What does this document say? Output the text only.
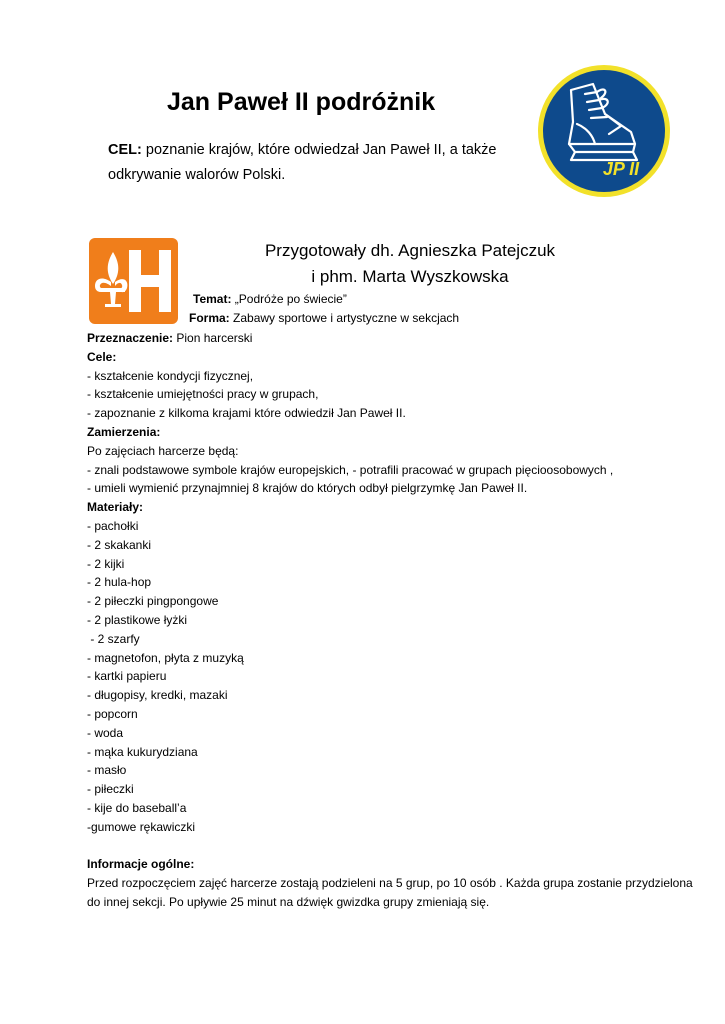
Jan Paweł II podróżnik
CEL: poznanie krajów, które odwiedzał Jan Paweł II, a także odkrywanie walorów Polski.	JP II
Przygotowały dh. Agnieszka Patejczuk
i phm. Marta Wyszkowska
Temat: „Podróże po świecie”
Forma: Zabawy sportowe i artystyczne w sekcjach
Przeznaczenie: Pion harcerski
Cele:
- kształcenie kondycji fizycznej,
- kształcenie umiejętności pracy w grupach,
- zapoznanie z kilkoma krajami które odwiedził Jan Paweł II.
Zamierzenia:
Po zajęciach harcerze będą:
- znali podstawowe symbole krajów europejskich, - potrafili pracować w grupach pięcioosobowych ,
- umieli wymienić przynajmniej 8 krajów do których odbył pielgrzymkę Jan Paweł II.
Materiały:
- pachołki
- 2 skakanki
- 2 kijki
- 2 hula-hop
- 2 piłeczki pingpongowe
- 2 plastikowe łyżki
- 2 szarfy
- magnetofon, płyta z muzyką
- kartki papieru
- długopisy, kredki, mazaki
- popcorn
- woda
- mąka kukurydziana
- masło
- piłeczki
- kije do baseball’a
-gumowe rękawiczki
Informacje ogólne:
Przed rozpoczęciem zajęć harcerze zostają podzieleni na 5 grup, po 10 osób . Każda grupa zostanie przydzielona do innej sekcji. Po upływie 25 minut na dźwięk gwizdka grupy zmieniają się.
